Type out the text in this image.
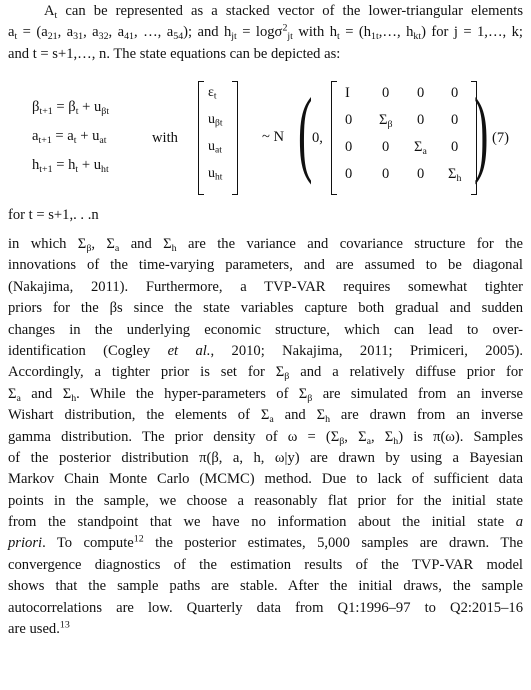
$A_t$ can be represented as a stacked vector of the lower-triangular elements
$a_t = (a_{21}$, $a_{31}$, $a_{32}$, $a_{41}$, …, $a_{54}$); and $h_{jt} = \log\sigma^2_{jt}$ with $h_t$ = ($h_{1t},\dots$, $h_{kt}$) for j = 1,…, k;
and t = s+1,…, n. The state equations can be depicted as:

$\beta_{t+1} = \beta_t + u_{\beta t}$
$a_{t+1} = a_t + u_{at}$
$h_{t+1} = h_t + u_{ht}$
with
$\varepsilon_t$
$u_{\beta t}$
$u_{at}$
$u_{ht}$
~ N ( 0,
I 0 0 0
0 $\Sigma_\beta$ 0 0
0 0 $\Sigma_a$ 0
0 0 0 $\Sigma_h$ ) (7)
for t = s+1,. . .n
in which $\Sigma_\beta$, $\Sigma_a$ and $\Sigma_h$ are the variance and covariance structure for the
innovations of the time-varying parameters, and are assumed to be diagonal
(Nakajima, 2011). Furthermore, a TVP-VAR requires somewhat tighter
priors for the βs since the state variables capture both gradual and sudden
changes in the underlying economic structure, which can lead to over-
identification (Cogley et al., 2010; Nakajima, 2011; Primiceri, 2005).
Accordingly, a tighter prior is set for $\Sigma_\beta$ and a relatively diffuse prior for
$\Sigma_a$ and $\Sigma_h$. While the hyper-parameters of $\Sigma_\beta$ are simulated from an inverse
Wishart distribution, the elements of $\Sigma_a$ and $\Sigma_h$ are drawn from an inverse
gamma distribution. The prior density of $\omega = (\Sigma_\beta$, $\Sigma_a$, $\Sigma_h$) is π(ω). Samples
of the posterior distribution π(β, a, h, ω|y) are drawn by using a Bayesian
Markov Chain Monte Carlo (MCMC) method. Due to lack of sufficient data
points in the sample, we choose a reasonably flat prior for the initial state
from the standpoint that we have no information about the initial state a
priori. To compute$^{12}$ the posterior estimates, 5,000 samples are drawn. The
convergence diagnostics of the estimation results of the TVP-VAR model
shows that the sample paths are stable. After the initial draws, the sample
autocorrelations are low. Quarterly data from Q1:1996–97 to Q2:2015–16
are used.$^{13}$
